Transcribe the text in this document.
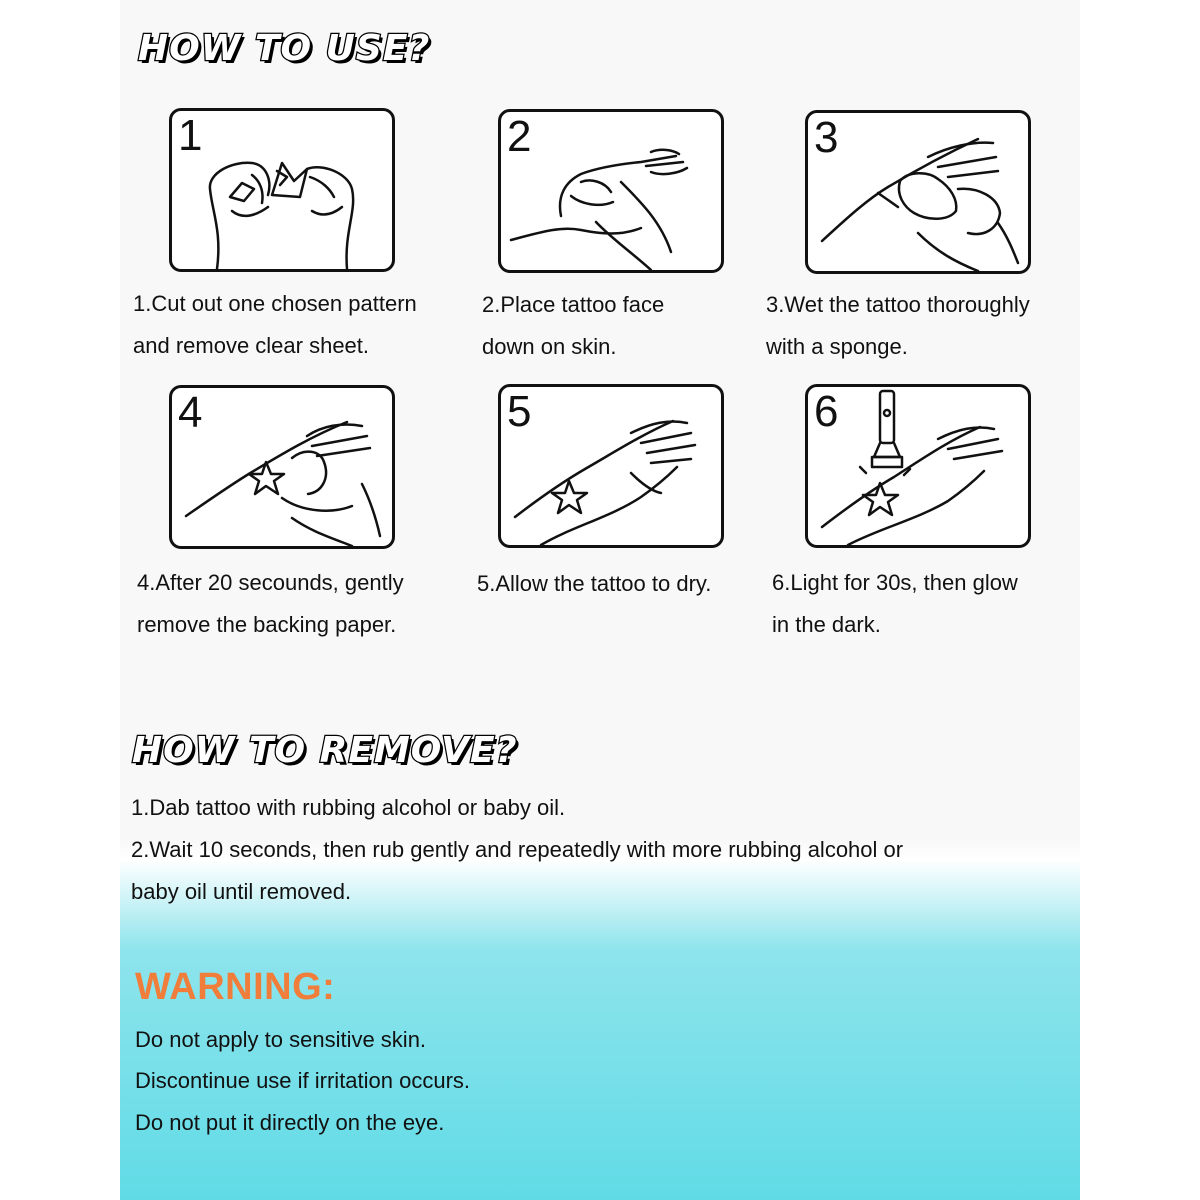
HOW TO USE?
1	2	3
4	5	6

1.Cut out one chosen pattern
and remove clear sheet.

2.Place tattoo face
down on skin.

3.Wet the tattoo thoroughly
with a sponge.

4.After 20 secounds, gently
remove the backing paper.

5.Allow the tattoo to dry.	6.Light for 30s, then glow
in the dark.

HOW TO REMOVE?

1.Dab tattoo with rubbing alcohol or baby oil.

2.Wait 10 seconds, then rub gently and repeatedly with more rubbing alcohol or

baby oil until removed.

WARNING:

Do not apply to sensitive skin.

Discontinue use if irritation occurs.

Do not put it directly on the eye.
